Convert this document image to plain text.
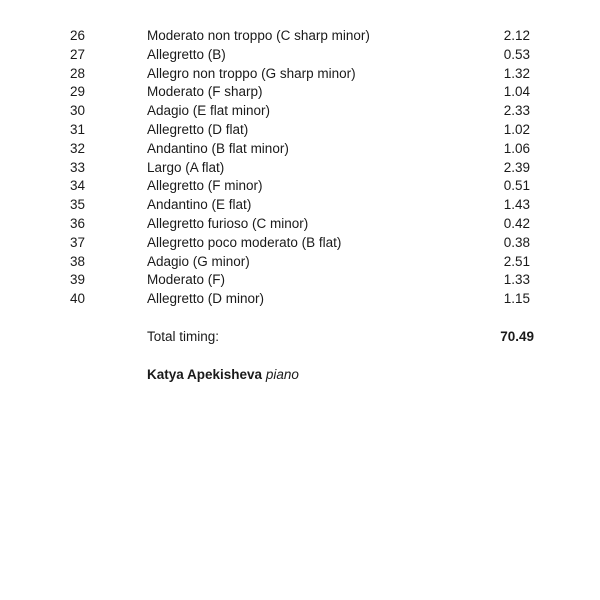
26	Moderato non troppo (C sharp minor)	2.12
27	Allegretto (B)	0.53
28	Allegro non troppo (G sharp minor)	1.32
29	Moderato (F sharp)	1.04
30	Adagio (E flat minor)	2.33
31	Allegretto (D flat)	1.02
32	Andantino (B flat minor)	1.06
33	Largo (A flat)	2.39
34	Allegretto (F minor)	0.51
35	Andantino (E flat)	1.43
36	Allegretto furioso (C minor)	0.42
37	Allegretto poco moderato (B flat)	0.38
38	Adagio (G minor)	2.51
39	Moderato (F)	1.33
40	Allegretto (D minor)	1.15
Total timing:	70.49
Katya Apekisheva piano
